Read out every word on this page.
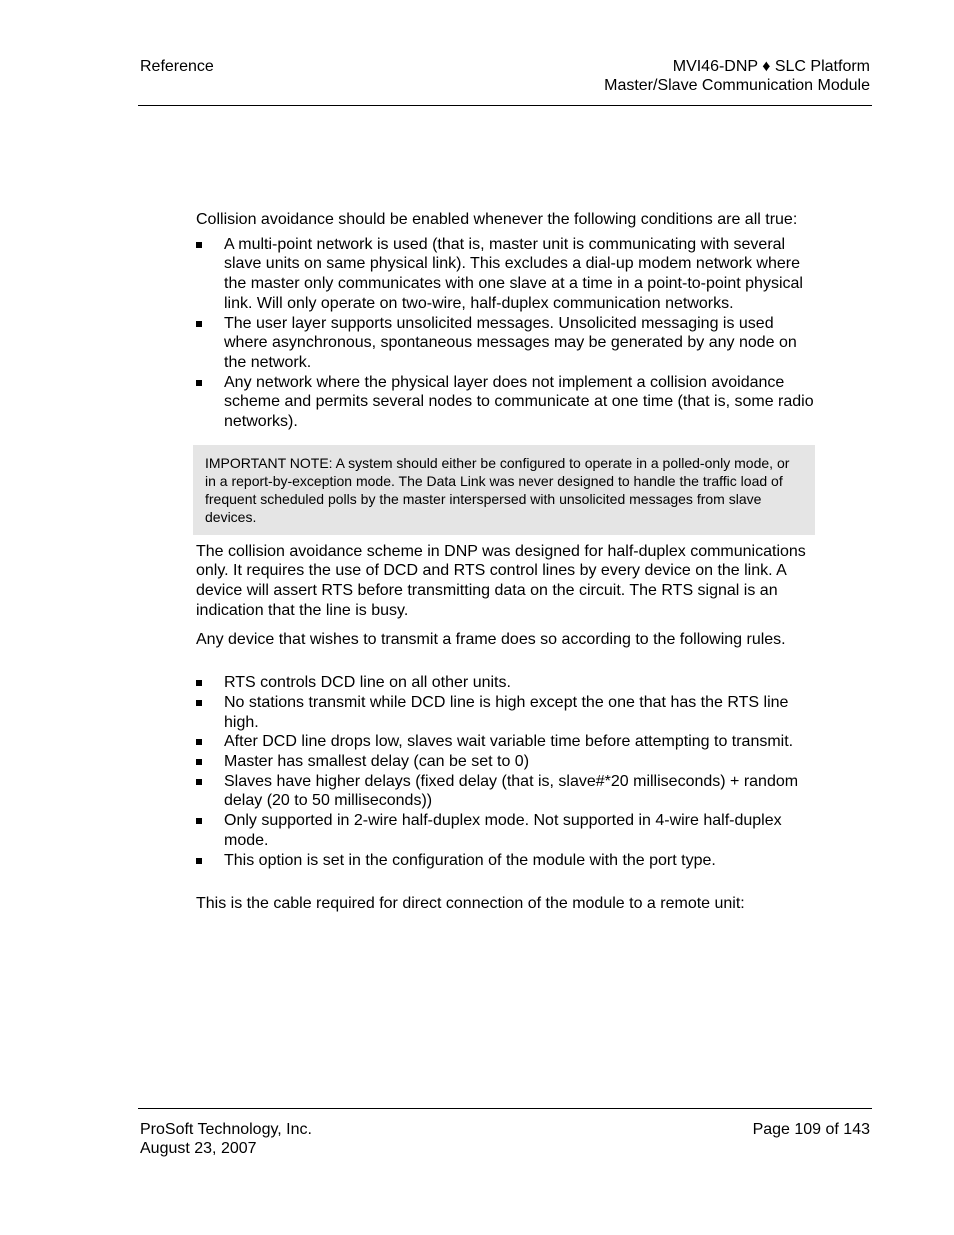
Reference	MVI46-DNP ♦ SLC Platform
Master/Slave Communication Module

Collision avoidance should be enabled whenever the following conditions are all true:

A multi-point network is used (that is, master unit is communicating with several slave units on same physical link). This excludes a dial-up modem network where the master only communicates with one slave at a time in a point-to-point physical link. Will only operate on two-wire, half-duplex communication networks.
The user layer supports unsolicited messages. Unsolicited messaging is used where asynchronous, spontaneous messages may be generated by any node on the network.
Any network where the physical layer does not implement a collision avoidance scheme and permits several nodes to communicate at one time (that is, some radio networks).
IMPORTANT NOTE: A system should either be configured to operate in a polled-only mode, or in a report-by-exception mode. The Data Link was never designed to handle the traffic load of frequent scheduled polls by the master interspersed with unsolicited messages from slave devices.

The collision avoidance scheme in DNP was designed for half-duplex communications only. It requires the use of DCD and RTS control lines by every device on the link. A device will assert RTS before transmitting data on the circuit. The RTS signal is an indication that the line is busy.

Any device that wishes to transmit a frame does so according to the following rules.

RTS controls DCD line on all other units.
No stations transmit while DCD line is high except the one that has the RTS line high.
After DCD line drops low, slaves wait variable time before attempting to transmit.
Master has smallest delay (can be set to 0)
Slaves have higher delays (fixed delay (that is, slave#*20 milliseconds) + random delay (20 to 50 milliseconds))
Only supported in 2-wire half-duplex mode. Not supported in 4-wire half-duplex mode.
This option is set in the configuration of the module with the port type.

This is the cable required for direct connection of the module to a remote unit:

ProSoft Technology, Inc.
August 23, 2007
Page 109 of 143
